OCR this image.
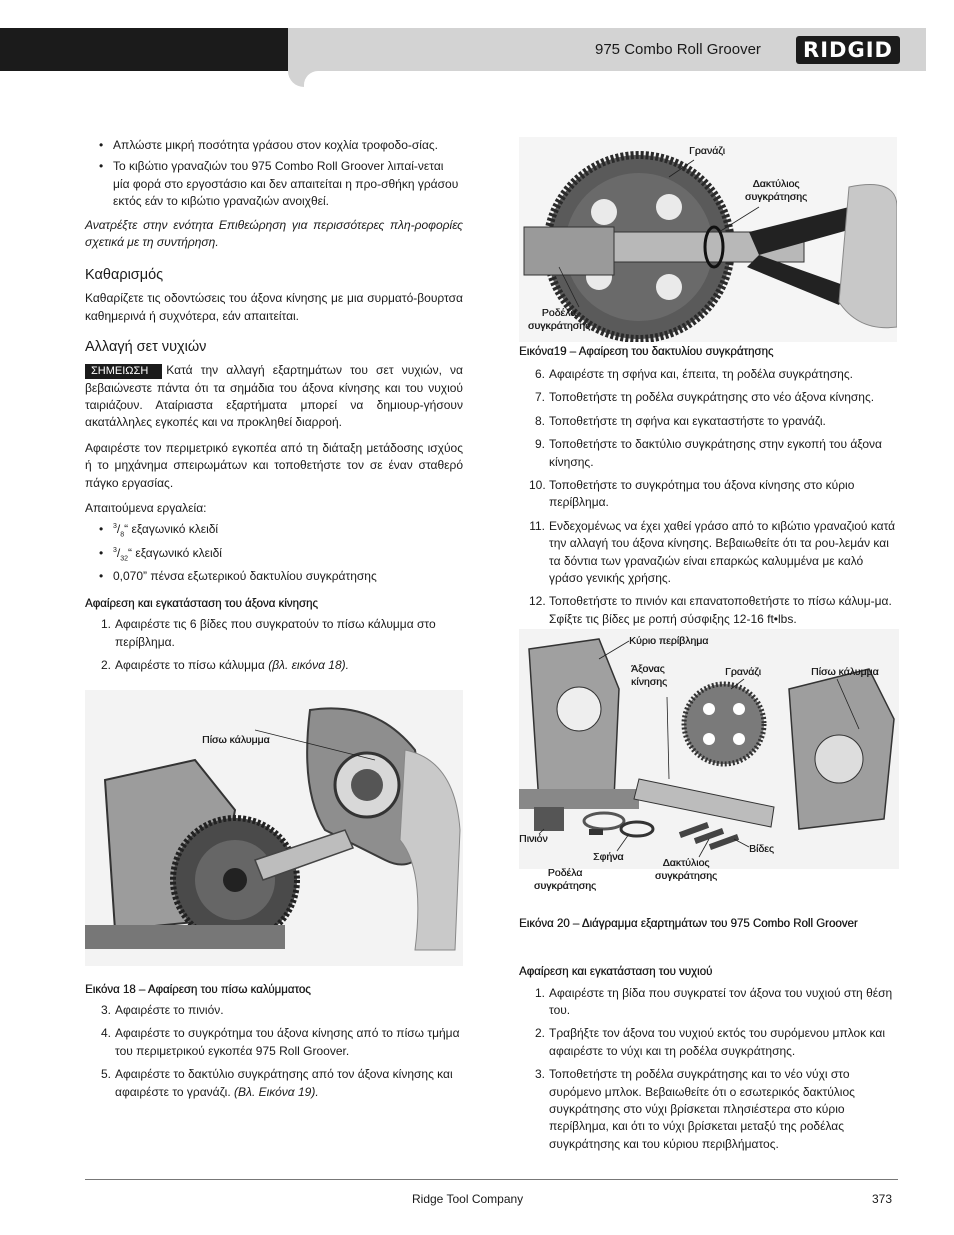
975 Combo Roll Groover	RIDGID
• Απλώστε μικρή ποσότητα γράσου στον κοχλία τροφοδο-σίας.
• Το κιβώτιο γραναζιών του 975 Combo Roll Groover λιπαί-νεται μία φορά στο εργοστάσιο και δεν απαιτείται η προ-σθήκη γράσου εκτός εάν το κιβώτιο γραναζιών ανοιχθεί.

Ανατρέξτε στην ενότητα Επιθεώρηση για περισσότερες πλη-ροφορίες σχετικά με τη συντήρηση.

Καθαρισμός

Καθαρίζετε τις οδοντώσεις του άξονα κίνησης με μια συρματό-βουρτσα καθημερινά ή συχνότερα, εάν απαιτείται.

Αλλαγή σετ νυχιών

ΣΗΜΕΙΩΣΗ Κατά την αλλαγή εξαρτημάτων του σετ νυχιών, να βεβαιώνεστε πάντα ότι τα σημάδια του άξονα κίνησης και του νυχιού ταιριάζουν. Αταίριαστα εξαρτήματα μπορεί να δημιουρ-γήσουν ακατάλληλες εγκοπές και να προκληθεί διαρροή.

Αφαιρέστε τον περιμετρικό εγκοπέα από τη διάταξη μετάδοσης ισχύος ή το μηχάνημα σπειρωμάτων και τοποθετήστε τον σε έναν σταθερό πάγκο εργασίας.

Απαιτούμενα εργαλεία:

• $^3/_8“$ εξαγωνικό κλειδί
• $^3/_{32}“$ εξαγωνικό κλειδί
• 0,070” πένσα εξωτερικού δακτυλίου συγκράτησης
Αφαίρεση και εγκατάσταση του άξονα κίνησης
1. Αφαιρέστε τις 6 βίδες που συγκρατούν το πίσω κάλυμμα στο περίβλημα.
2. Αφαιρέστε το πίσω κάλυμμα (βλ. εικόνα 18).
Πίσω κάλυμμα
Εικόνα 18 – Αφαίρεση του πίσω καλύμματος
3. Αφαιρέστε το πινιόν.
4. Αφαιρέστε το συγκρότημα του άξονα κίνησης από το πίσω τμήμα του περιμετρικού εγκοπέα 975 Roll Groover.
5. Αφαιρέστε το δακτύλιο συγκράτησης από τον άξονα κίνησης και αφαιρέστε το γρανάζι. (Βλ. Εικόνα 19).
Γρανάζι
Δακτύλιος συγκράτησης
Ροδέλα συγκράτησης
Εικόνα19 – Αφαίρεση του δακτυλίου συγκράτησης
6. Αφαιρέστε τη σφήνα και, έπειτα, τη ροδέλα συγκράτησης.
7. Τοποθετήστε τη ροδέλα συγκράτησης στο νέο άξονα κίνησης.
8. Τοποθετήστε τη σφήνα και εγκαταστήστε το γρανάζι.
9. Τοποθετήστε το δακτύλιο συγκράτησης στην εγκοπή του άξονα κίνησης.
10. Τοποθετήστε το συγκρότημα του άξονα κίνησης στο κύριο περίβλημα.
11. Ενδεχομένως να έχει χαθεί γράσο από το κιβώτιο γραναζιού κατά την αλλαγή του άξονα κίνησης. Βεβαιωθείτε ότι τα ρου-λεμάν και τα δόντια των γραναζιών είναι επαρκώς καλυμμένα με καλό γράσο γενικής χρήσης.
12. Τοποθετήστε το πινιόν και επανατοποθετήστε το πίσω κάλυμ-μα. Σφίξτε τις βίδες με ροπή σύσφιξης 12-16 ft•lbs.
Κύριο περίβλημα
Άξονας κίνησης
Γρανάζι	Πίσω κάλυμμα
Πινιόν
Σφήνα
Ροδέλα συγκράτησης
Δακτύλιος συγκράτησης
Βίδες
Εικόνα 20 – Διάγραμμα εξαρτημάτων του 975 Combo Roll Groover
Αφαίρεση και εγκατάσταση του νυχιού
1. Αφαιρέστε τη βίδα που συγκρατεί τον άξονα του νυχιού στη θέση του.
2. Τραβήξτε τον άξονα του νυχιού εκτός του συρόμενου μπλοκ και αφαιρέστε το νύχι και τη ροδέλα συγκράτησης.
3. Τοποθετήστε τη ροδέλα συγκράτησης και το νέο νύχι στο συρόμενο μπλοκ. Βεβαιωθείτε ότι ο εσωτερικός δακτύλιος συγκράτησης στο νύχι βρίσκεται πλησιέστερα στο κύριο περίβλημα, και ότι το νύχι βρίσκεται μεταξύ της ροδέλας συγκράτησης και του κύριου περιβλήματος.
Ridge Tool Company	373
